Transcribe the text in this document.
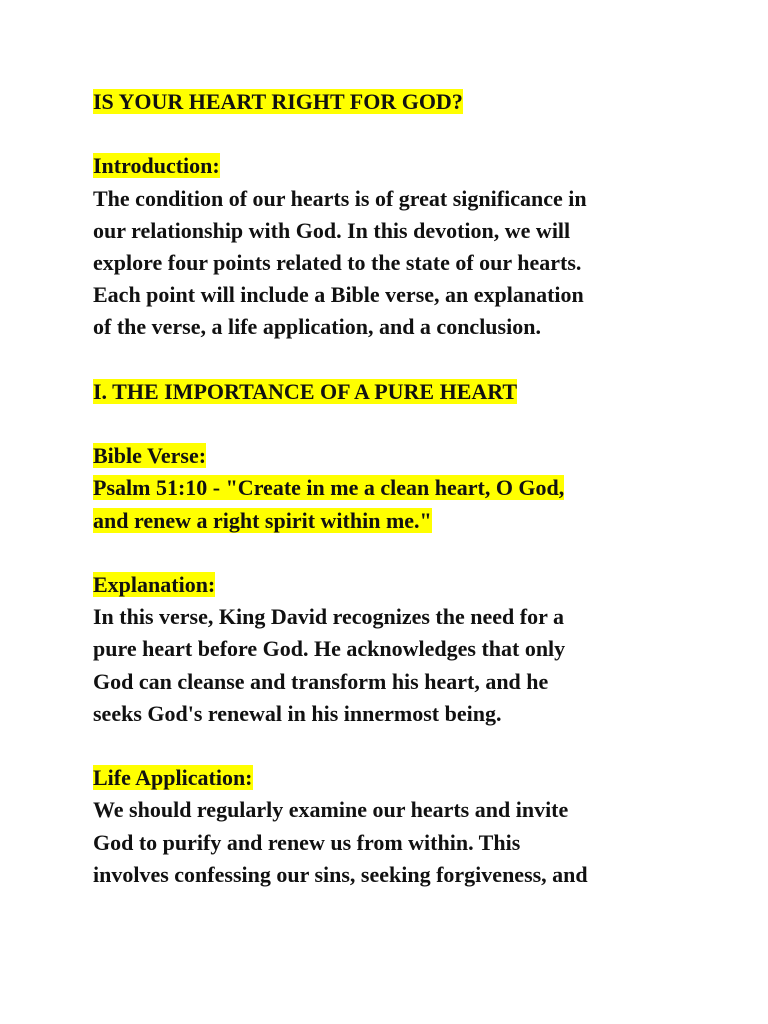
IS YOUR HEART RIGHT FOR GOD?

Introduction:
The condition of our hearts is of great significance in
our relationship with God. In this devotion, we will
explore four points related to the state of our hearts.
Each point will include a Bible verse, an explanation
of the verse, a life application, and a conclusion.

I. THE IMPORTANCE OF A PURE HEART

Bible Verse:
Psalm 51:10 - "Create in me a clean heart, O God,
and renew a right spirit within me."
Explanation:
In this verse, King David recognizes the need for a
pure heart before God. He acknowledges that only
God can cleanse and transform his heart, and he
seeks God's renewal in his innermost being.
Life Application:
We should regularly examine our hearts and invite
God to purify and renew us from within. This
involves confessing our sins, seeking forgiveness, and
